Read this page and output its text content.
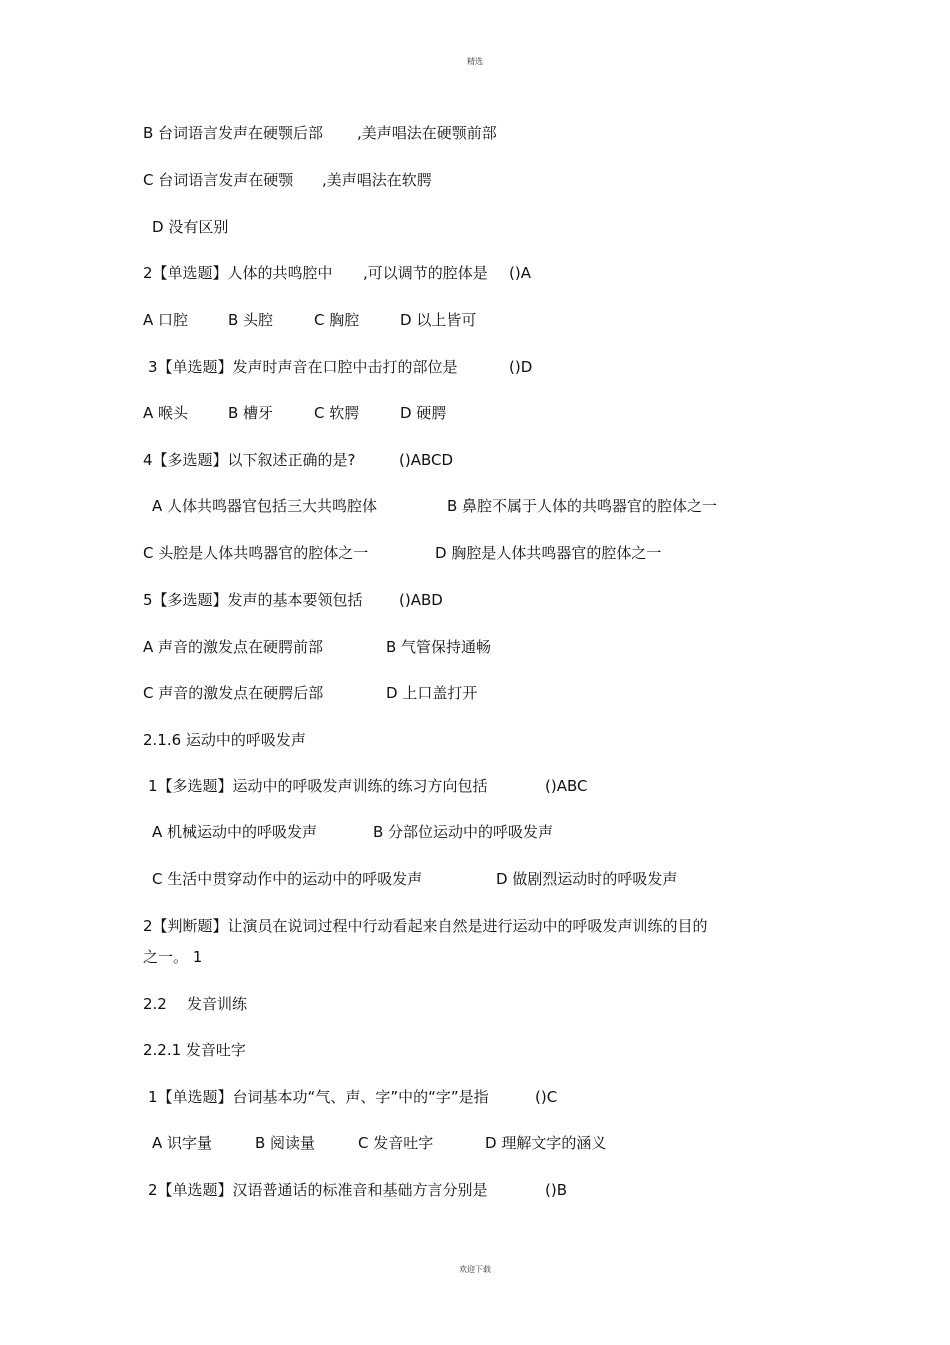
精选
B 台词语言发声在硬颚后部 ,美声唱法在硬颚前部
C 台词语言发声在硬颚 ,美声唱法在软腭
D 没有区别
2【单选题】人体的共鸣腔中 ,可以调节的腔体是 ()A
A 口腔	B 头腔	C 胸腔	D 以上皆可
3【单选题】发声时声音在口腔中击打的部位是	()D
A 喉头	B 槽牙	C 软腭	D 硬腭
4【多选题】以下叙述正确的是?	()ABCD
A 人体共鸣器官包括三大共鸣腔体	B 鼻腔不属于人体的共鸣器官的腔体之一
C 头腔是人体共鸣器官的腔体之一	D 胸腔是人体共鸣器官的腔体之一
5【多选题】发声的基本要领包括 ()ABD
A 声音的激发点在硬腭前部	B 气管保持通畅
C 声音的激发点在硬腭后部	D 上口盖打开
2.1.6 运动中的呼吸发声
1【多选题】运动中的呼吸发声训练的练习方向包括	()ABC
A 机械运动中的呼吸发声	B 分部位运动中的呼吸发声
C 生活中贯穿动作中的运动中的呼吸发声	D 做剧烈运动时的呼吸发声
2【判断题】让演员在说词过程中行动看起来自然是进行运动中的呼吸发声训练的目的
之一。 1
2.2 发音训练
2.2.1 发音吐字
1【单选题】台词基本功“气、声、字”中的“字”是指	()C
A 识字量	B 阅读量	C 发音吐字	D 理解文字的涵义
2【单选题】汉语普通话的标准音和基础方言分别是	()B
欢迎下载
